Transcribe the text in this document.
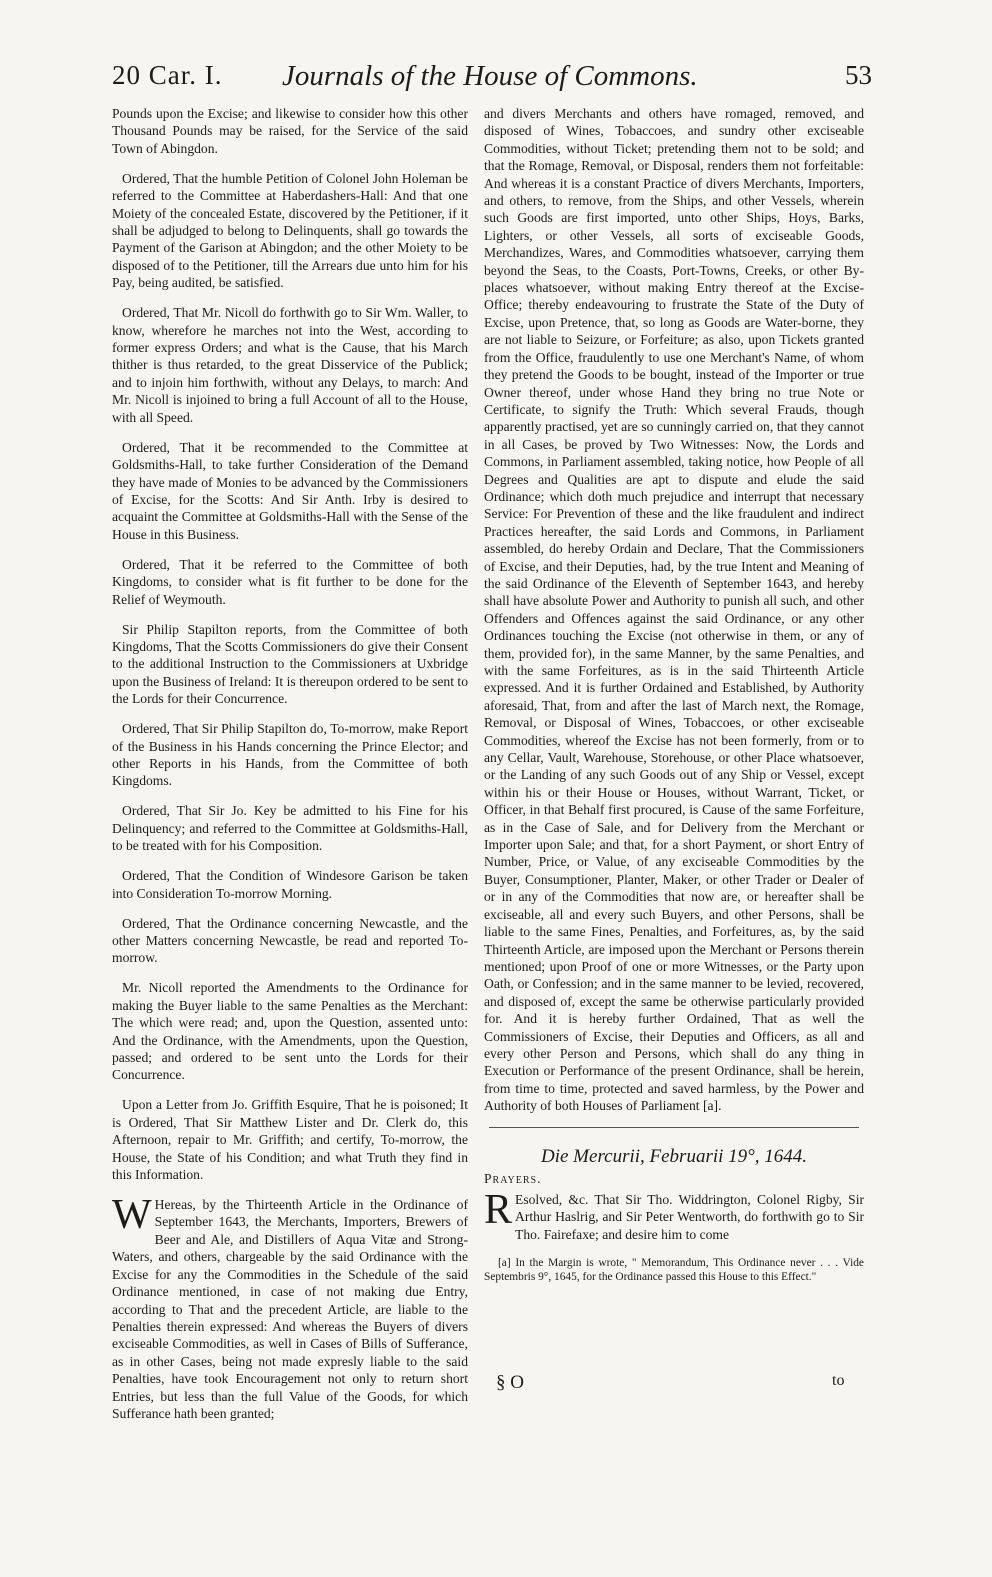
20 Car. I. Journals of the House of Commons.	53

Pounds upon the Excise; and likewise to consider how this other Thousand Pounds may be raised, for the Service of the said Town of Abingdon.

Ordered, That the humble Petition of Colonel John Holeman be referred to the Committee at Haberdashers-Hall: And that one Moiety of the concealed Estate, discovered by the Petitioner, if it shall be adjudged to belong to Delinquents, shall go towards the Payment of the Garison at Abingdon; and the other Moiety to be disposed of to the Petitioner, till the Arrears due unto him for his Pay, being audited, be satisfied.

Ordered, That Mr. Nicoll do forthwith go to Sir Wm. Waller, to know, wherefore he marches not into the West, according to former express Orders; and what is the Cause, that his March thither is thus retarded, to the great Disservice of the Publick; and to injoin him forthwith, without any Delays, to march: And Mr. Nicoll is injoined to bring a full Account of all to the House, with all Speed.

Ordered, That it be recommended to the Committee at Goldsmiths-Hall, to take further Consideration of the Demand they have made of Monies to be advanced by the Commissioners of Excise, for the Scotts: And Sir Anth. Irby is desired to acquaint the Committee at Goldsmiths-Hall with the Sense of the House in this Business.

Ordered, That it be referred to the Committee of both Kingdoms, to consider what is fit further to be done for the Relief of Weymouth.

Sir Philip Stapilton reports, from the Committee of both Kingdoms, That the Scotts Commissioners do give their Consent to the additional Instruction to the Commissioners at Uxbridge upon the Business of Ireland: It is thereupon ordered to be sent to the Lords for their Concurrence.

Ordered, That Sir Philip Stapilton do, To-morrow, make Report of the Business in his Hands concerning the Prince Elector; and other Reports in his Hands, from the Committee of both Kingdoms.

Ordered, That Sir Jo. Key be admitted to his Fine for his Delinquency; and referred to the Committee at Goldsmiths-Hall, to be treated with for his Composition.

Ordered, That the Condition of Windesore Garison be taken into Consideration To-morrow Morning.

Ordered, That the Ordinance concerning Newcastle, and the other Matters concerning Newcastle, be read and reported To-morrow.

Mr. Nicoll reported the Amendments to the Ordinance for making the Buyer liable to the same Penalties as the Merchant: The which were read; and, upon the Question, assented unto: And the Ordinance, with the Amendments, upon the Question, passed; and ordered to be sent unto the Lords for their Concurrence.

Upon a Letter from Jo. Griffith Esquire, That he is poisoned; It is Ordered, That Sir Matthew Lister and Dr. Clerk do, this Afternoon, repair to Mr. Griffith; and certify, To-morrow, the House, the State of his Condition; and what Truth they find in this Information.

W Hereas, by the Thirteenth Article in the Ordinance of September 1643, the Merchants, Importers, Brewers of Beer and Ale, and Distillers of Aqua Vitæ and Strong-Waters, and others, chargeable by the said Ordinance with the Excise for any the Commodities in the Schedule of the said Ordinance mentioned, in case of not making due Entry, according to That and the precedent Article, are liable to the Penalties therein expressed: And whereas the Buyers of divers exciseable Commodities, as well in Cases of Bills of Sufferance, as in other Cases, being not made expresly liable to the said Penalties, have took Encouragement not only to return short Entries, but less than the full Value of the Goods, for which Sufferance hath been granted;

and divers Merchants and others have romaged, removed, and disposed of Wines, Tobaccoes, and sundry other exciseable Commodities, without Ticket; pretending them not to be sold; and that the Romage, Removal, or Disposal, renders them not forfeitable: And whereas it is a constant Practice of divers Merchants, Importers, and others, to remove, from the Ships, and other Vessels, wherein such Goods are first imported, unto other Ships, Hoys, Barks, Lighters, or other Vessels, all sorts of exciseable Goods, Merchandizes, Wares, and Commodities whatsoever, carrying them beyond the Seas, to the Coasts, Port-Towns, Creeks, or other By-places whatsoever, without making Entry thereof at the Excise-Office; thereby endeavouring to frustrate the State of the Duty of Excise, upon Pretence, that, so long as Goods are Water-borne, they are not liable to Seizure, or Forfeiture; as also, upon Tickets granted from the Office, fraudulently to use one Merchant's Name, of whom they pretend the Goods to be bought, instead of the Importer or true Owner thereof, under whose Hand they bring no true Note or Certificate, to signify the Truth: Which several Frauds, though apparently practised, yet are so cunningly carried on, that they cannot in all Cases, be proved by Two Witnesses: Now, the Lords and Commons, in Parliament assembled, taking notice, how People of all Degrees and Qualities are apt to dispute and elude the said Ordinance; which doth much prejudice and interrupt that necessary Service: For Prevention of these and the like fraudulent and indirect Practices hereafter, the said Lords and Commons, in Parliament assembled, do hereby Ordain and Declare, That the Commissioners of Excise, and their Deputies, had, by the true Intent and Meaning of the said Ordinance of the Eleventh of September 1643, and hereby shall have absolute Power and Authority to punish all such, and other Offenders and Offences against the said Ordinance, or any other Ordinances touching the Excise (not otherwise in them, or any of them, provided for), in the same Manner, by the same Penalties, and with the same Forfeitures, as is in the said Thirteenth Article expressed. And it is further Ordained and Established, by Authority aforesaid, That, from and after the last of March next, the Romage, Removal, or Disposal of Wines, Tobaccoes, or other exciseable Commodities, whereof the Excise has not been formerly, from or to any Cellar, Vault, Warehouse, Storehouse, or other Place whatsoever, or the Landing of any such Goods out of any Ship or Vessel, except within his or their House or Houses, without Warrant, Ticket, or Officer, in that Behalf first procured, is Cause of the same Forfeiture, as in the Case of Sale, and for Delivery from the Merchant or Importer upon Sale; and that, for a short Payment, or short Entry of Number, Price, or Value, of any exciseable Commodities by the Buyer, Consumptioner, Planter, Maker, or other Trader or Dealer of or in any of the Commodities that now are, or hereafter shall be exciseable, all and every such Buyers, and other Persons, shall be liable to the same Fines, Penalties, and Forfeitures, as, by the said Thirteenth Article, are imposed upon the Merchant or Persons therein mentioned; upon Proof of one or more Witnesses, or the Party upon Oath, or Confession; and in the same manner to be levied, recovered, and disposed of, except the same be otherwise particularly provided for. And it is hereby further Ordained, That as well the Commissioners of Excise, their Deputies and Officers, as all and every other Person and Persons, which shall do any thing in Execution or Performance of the present Ordinance, shall be herein, from time to time, protected and saved harmless, by the Power and Authority of both Houses of Parliament [a].

Die Mercurii, Februarii 19°, 1644.

Prayers.

R Esolved, &c. That Sir Tho. Widdrington, Colonel Rigby, Sir Arthur Haslrig, and Sir Peter Wentworth, do forthwith go to Sir Tho. Fairefaxe; and desire him to come

[a] In the Margin is wrote, " Memorandum, This Ordinance never . . . Vide Septembris 9°, 1645, for the Ordinance passed this House to this Effect."

§ O	to
